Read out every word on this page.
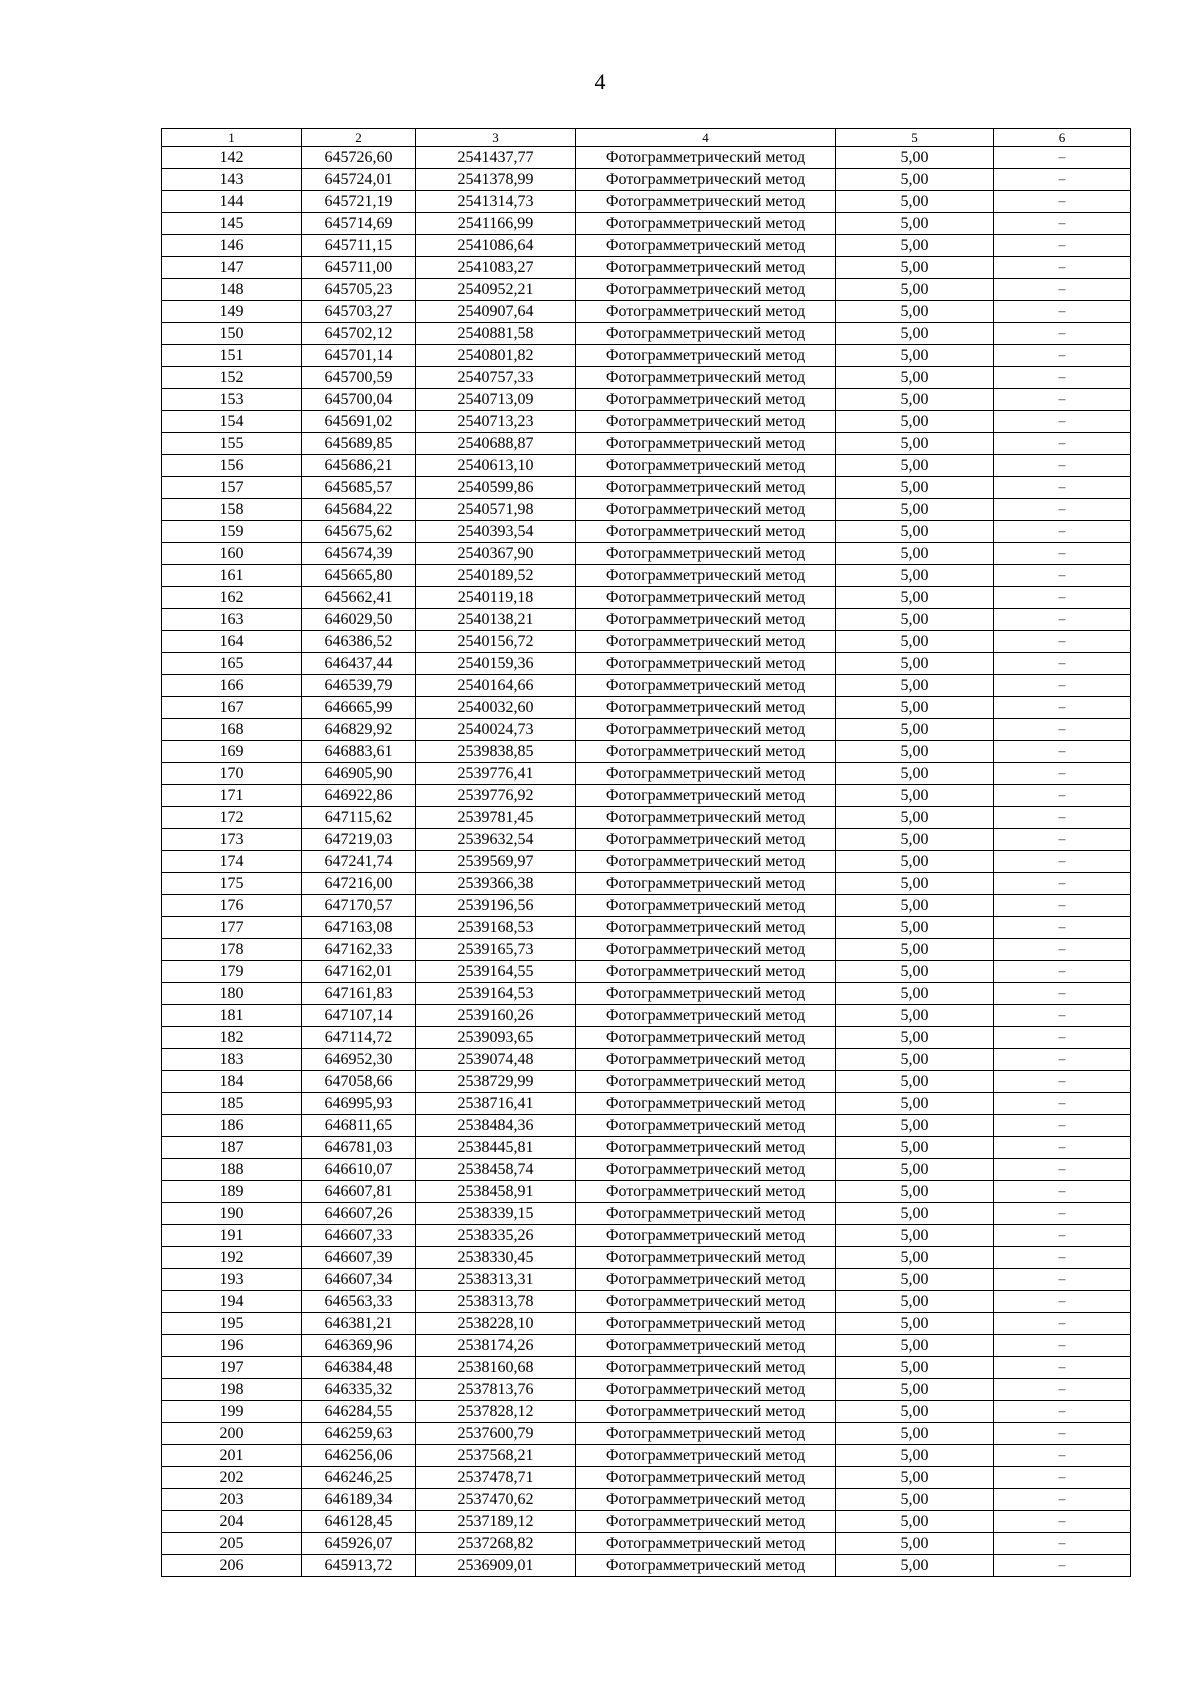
4
1	2	3	4	5	6
142	645726,60	2541437,77	Фотограмметрический метод	5,00	–
143	645724,01	2541378,99	Фотограмметрический метод	5,00	–
144	645721,19	2541314,73	Фотограмметрический метод	5,00	–
145	645714,69	2541166,99	Фотограмметрический метод	5,00	–
146	645711,15	2541086,64	Фотограмметрический метод	5,00	–
147	645711,00	2541083,27	Фотограмметрический метод	5,00	–
148	645705,23	2540952,21	Фотограмметрический метод	5,00	–
149	645703,27	2540907,64	Фотограмметрический метод	5,00	–
150	645702,12	2540881,58	Фотограмметрический метод	5,00	–
151	645701,14	2540801,82	Фотограмметрический метод	5,00	–
152	645700,59	2540757,33	Фотограмметрический метод	5,00	–
153	645700,04	2540713,09	Фотограмметрический метод	5,00	–
154	645691,02	2540713,23	Фотограмметрический метод	5,00	–
155	645689,85	2540688,87	Фотограмметрический метод	5,00	–
156	645686,21	2540613,10	Фотограмметрический метод	5,00	–
157	645685,57	2540599,86	Фотограмметрический метод	5,00	–
158	645684,22	2540571,98	Фотограмметрический метод	5,00	–
159	645675,62	2540393,54	Фотограмметрический метод	5,00	–
160	645674,39	2540367,90	Фотограмметрический метод	5,00	–
161	645665,80	2540189,52	Фотограмметрический метод	5,00	–
162	645662,41	2540119,18	Фотограмметрический метод	5,00	–
163	646029,50	2540138,21	Фотограмметрический метод	5,00	–
164	646386,52	2540156,72	Фотограмметрический метод	5,00	–
165	646437,44	2540159,36	Фотограмметрический метод	5,00	–
166	646539,79	2540164,66	Фотограмметрический метод	5,00	–
167	646665,99	2540032,60	Фотограмметрический метод	5,00	–
168	646829,92	2540024,73	Фотограмметрический метод	5,00	–
169	646883,61	2539838,85	Фотограмметрический метод	5,00	–
170	646905,90	2539776,41	Фотограмметрический метод	5,00	–
171	646922,86	2539776,92	Фотограмметрический метод	5,00	–
172	647115,62	2539781,45	Фотограмметрический метод	5,00	–
173	647219,03	2539632,54	Фотограмметрический метод	5,00	–
174	647241,74	2539569,97	Фотограмметрический метод	5,00	–
175	647216,00	2539366,38	Фотограмметрический метод	5,00	–
176	647170,57	2539196,56	Фотограмметрический метод	5,00	–
177	647163,08	2539168,53	Фотограмметрический метод	5,00	–
178	647162,33	2539165,73	Фотограмметрический метод	5,00	–
179	647162,01	2539164,55	Фотограмметрический метод	5,00	–
180	647161,83	2539164,53	Фотограмметрический метод	5,00	–
181	647107,14	2539160,26	Фотограмметрический метод	5,00	–
182	647114,72	2539093,65	Фотограмметрический метод	5,00	–
183	646952,30	2539074,48	Фотограмметрический метод	5,00	–
184	647058,66	2538729,99	Фотограмметрический метод	5,00	–
185	646995,93	2538716,41	Фотограмметрический метод	5,00	–
186	646811,65	2538484,36	Фотограмметрический метод	5,00	–
187	646781,03	2538445,81	Фотограмметрический метод	5,00	–
188	646610,07	2538458,74	Фотограмметрический метод	5,00	–
189	646607,81	2538458,91	Фотограмметрический метод	5,00	–
190	646607,26	2538339,15	Фотограмметрический метод	5,00	–
191	646607,33	2538335,26	Фотограмметрический метод	5,00	–
192	646607,39	2538330,45	Фотограмметрический метод	5,00	–
193	646607,34	2538313,31	Фотограмметрический метод	5,00	–
194	646563,33	2538313,78	Фотограмметрический метод	5,00	–
195	646381,21	2538228,10	Фотограмметрический метод	5,00	–
196	646369,96	2538174,26	Фотограмметрический метод	5,00	–
197	646384,48	2538160,68	Фотограмметрический метод	5,00	–
198	646335,32	2537813,76	Фотограмметрический метод	5,00	–
199	646284,55	2537828,12	Фотограмметрический метод	5,00	–
200	646259,63	2537600,79	Фотограмметрический метод	5,00	–
201	646256,06	2537568,21	Фотограмметрический метод	5,00	–
202	646246,25	2537478,71	Фотограмметрический метод	5,00	–
203	646189,34	2537470,62	Фотограмметрический метод	5,00	–
204	646128,45	2537189,12	Фотограмметрический метод	5,00	–
205	645926,07	2537268,82	Фотограмметрический метод	5,00	–
206	645913,72	2536909,01	Фотограмметрический метод	5,00	–
